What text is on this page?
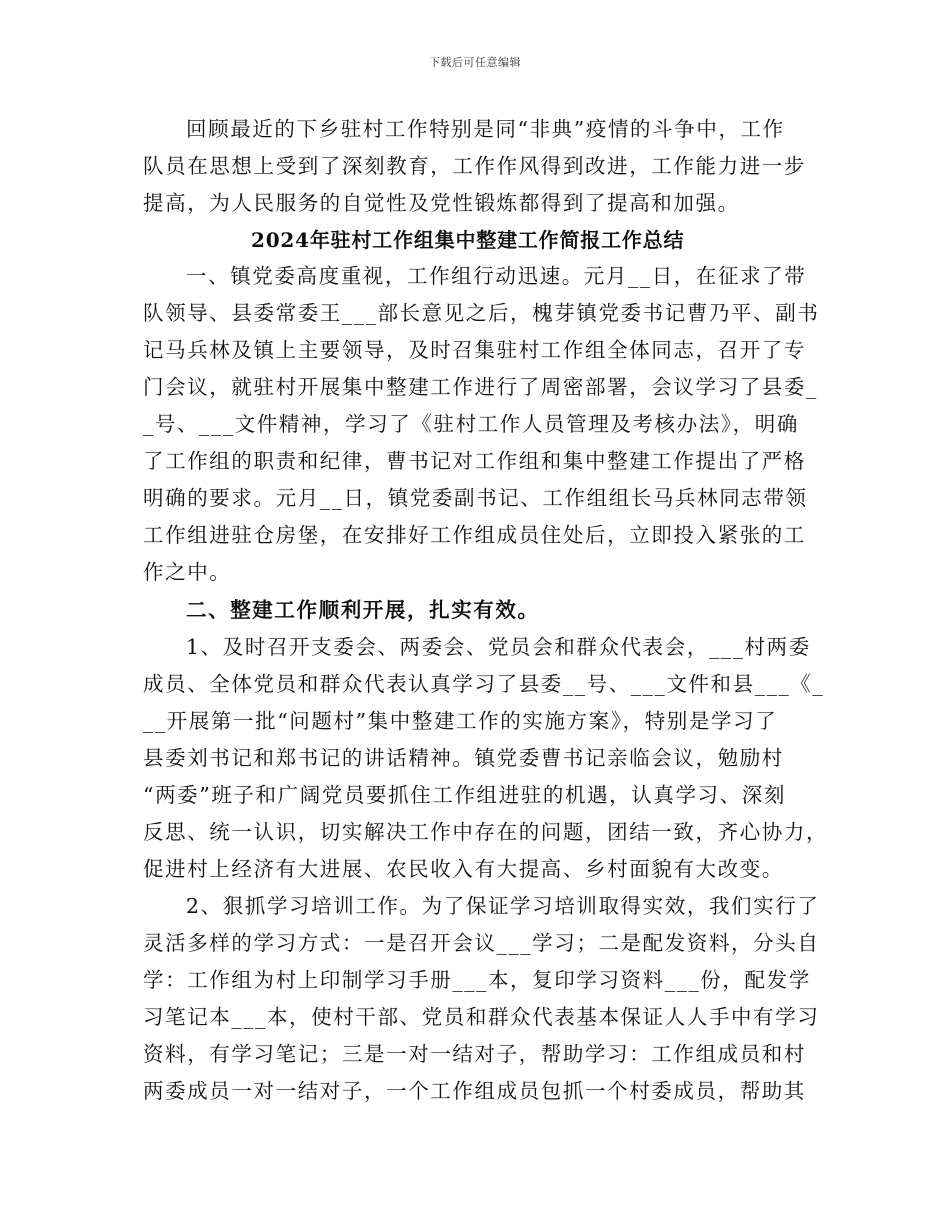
下载后可任意编辑
回顾最近的下乡驻村工作特别是同“非典”疫情的斗争中，工作
队员在思想上受到了深刻教育，工作作风得到改进，工作能力进一步
提高，为人民服务的自觉性及党性锻炼都得到了提高和加强。
2024年驻村工作组集中整建工作简报工作总结
一、镇党委高度重视，工作组行动迅速。元月__日，在征求了带
队领导、县委常委王___部长意见之后，槐芽镇党委书记曹乃平、副书
记马兵林及镇上主要领导，及时召集驻村工作组全体同志，召开了专
门会议，就驻村开展集中整建工作进行了周密部署，会议学习了县委_
_号、___文件精神，学习了《驻村工作人员管理及考核办法》，明确
了工作组的职责和纪律，曹书记对工作组和集中整建工作提出了严格
明确的要求。元月__日，镇党委副书记、工作组组长马兵林同志带领
工作组进驻仓房堡，在安排好工作组成员住处后，立即投入紧张的工
作之中。
二、整建工作顺利开展，扎实有效。
1、及时召开支委会、两委会、党员会和群众代表会，___村两委
成员、全体党员和群众代表认真学习了县委__号、___文件和县___《_
__开展第一批“问题村”集中整建工作的实施方案》，特别是学习了
县委刘书记和郑书记的讲话精神。镇党委曹书记亲临会议，勉励村
“两委”班子和广阔党员要抓住工作组进驻的机遇，认真学习、深刻
反思、统一认识，切实解决工作中存在的问题，团结一致，齐心协力，
促进村上经济有大进展、农民收入有大提高、乡村面貌有大改变。
2、狠抓学习培训工作。为了保证学习培训取得实效，我们实行了
灵活多样的学习方式：一是召开会议___学习；二是配发资料，分头自
学：工作组为村上印制学习手册___本，复印学习资料___份，配发学
习笔记本___本，使村干部、党员和群众代表基本保证人人手中有学习
资料，有学习笔记；三是一对一结对子，帮助学习：工作组成员和村
两委成员一对一结对子，一个工作组成员包抓一个村委成员，帮助其
